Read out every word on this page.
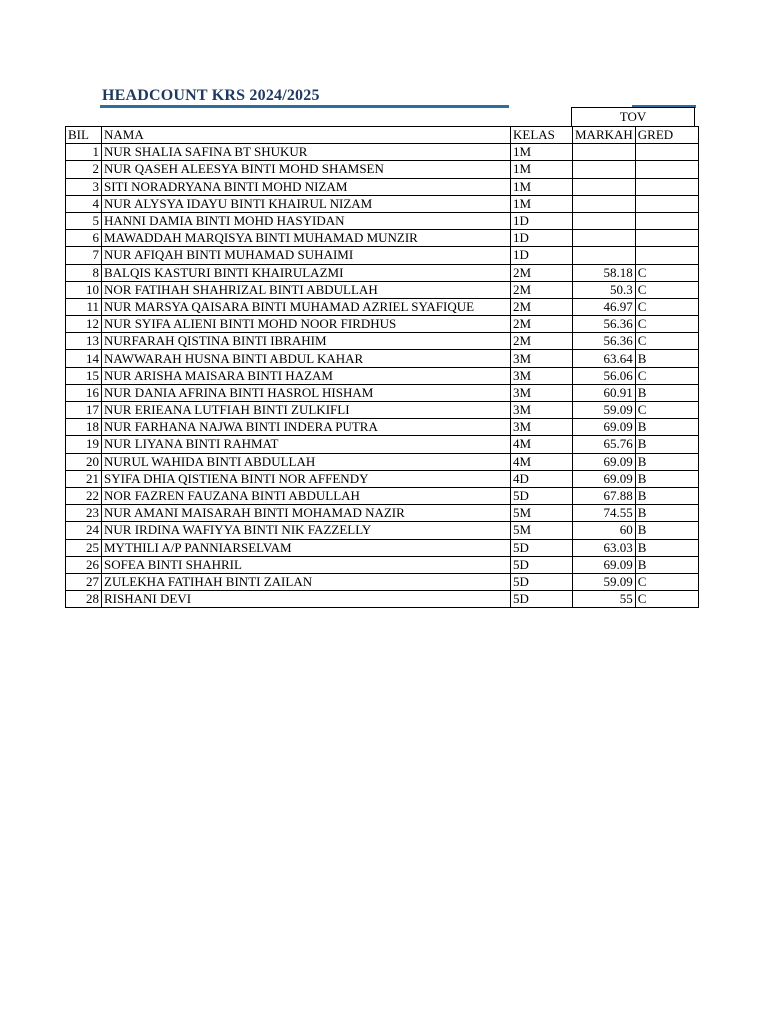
HEADCOUNT KRS 2024/2025
TOV
BIL	NAMA	KELAS	MARKAH	GRED
1	NUR SHALIA SAFINA BT SHUKUR	1M		
2	NUR QASEH ALEESYA BINTI MOHD SHAMSEN	1M		
3	SITI NORADRYANA BINTI MOHD NIZAM	1M		
4	NUR ALYSYA IDAYU BINTI KHAIRUL NIZAM	1M		
5	HANNI DAMIA BINTI MOHD HASYIDAN	1D		
6	MAWADDAH MARQISYA BINTI MUHAMAD MUNZIR	1D		
7	NUR AFIQAH BINTI MUHAMAD SUHAIMI	1D		
8	BALQIS KASTURI BINTI KHAIRULAZMI	2M	58.18	C
10	NOR FATIHAH SHAHRIZAL BINTI ABDULLAH	2M	50.3	C
11	NUR MARSYA QAISARA BINTI MUHAMAD AZRIEL SYAFIQUE	2M	46.97	C
12	NUR SYIFA ALIENI BINTI MOHD NOOR FIRDHUS	2M	56.36	C
13	NURFARAH QISTINA BINTI IBRAHIM	2M	56.36	C
14	NAWWARAH HUSNA BINTI ABDUL KAHAR	3M	63.64	B
15	NUR ARISHA MAISARA BINTI HAZAM	3M	56.06	C
16	NUR DANIA AFRINA BINTI HASROL HISHAM	3M	60.91	B
17	NUR ERIEANA LUTFIAH BINTI ZULKIFLI	3M	59.09	C
18	NUR FARHANA NAJWA BINTI INDERA PUTRA	3M	69.09	B
19	NUR LIYANA BINTI RAHMAT	4M	65.76	B
20	NURUL WAHIDA BINTI ABDULLAH	4M	69.09	B
21	SYIFA DHIA QISTIENA BINTI NOR AFFENDY	4D	69.09	B
22	NOR FAZREN FAUZANA BINTI ABDULLAH	5D	67.88	B
23	NUR AMANI MAISARAH BINTI MOHAMAD NAZIR	5M	74.55	B
24	NUR IRDINA WAFIYYA BINTI NIK FAZZELLY	5M	60	B
25	MYTHILI A/P PANNIARSELVAM	5D	63.03	B
26	SOFEA BINTI SHAHRIL	5D	69.09	B
27	ZULEKHA FATIHAH BINTI ZAILAN	5D	59.09	C
28	RISHANI DEVI	5D	55	C
